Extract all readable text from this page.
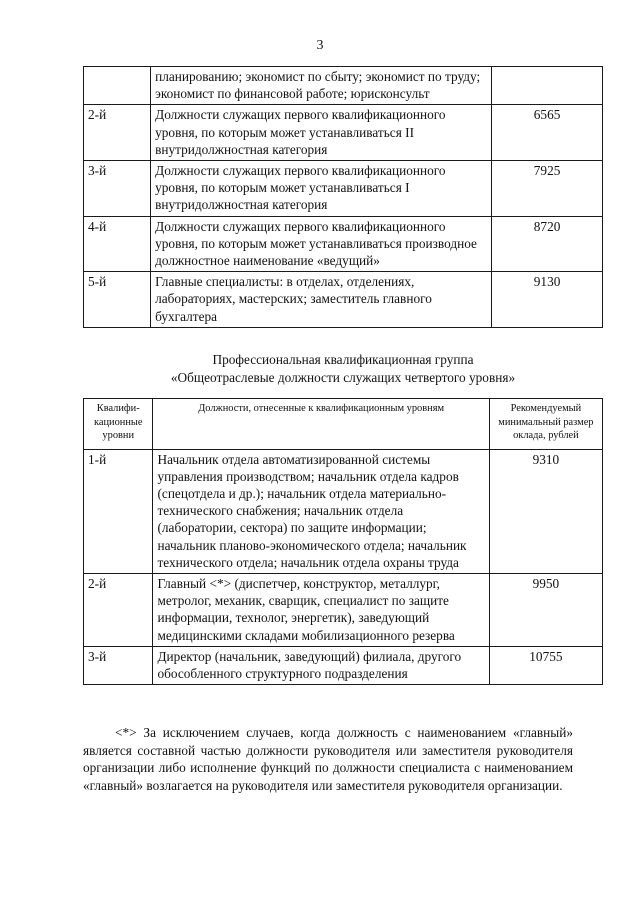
3
	планированию; экономист по сбыту; экономист по труду; экономист по финансовой работе; юрисконсульт	
2-й	Должности служащих первого квалификационного уровня, по которым может устанавливаться II внутридолжностная категория	6565
3-й	Должности служащих первого квалификационного уровня, по которым может устанавливаться I внутридолжностная категория	7925
4-й	Должности служащих первого квалификационного уровня, по которым может устанавливаться производное должностное наименование «ведущий»	8720
5-й	Главные специалисты: в отделах, отделениях, лабораториях, мастерских; заместитель главного бухгалтера	9130
Профессиональная квалификационная группа
«Общеотраслевые должности служащих четвертого уровня»
Квалифи-кационные уровни	Должности, отнесенные к квалификационным уровням	Рекомендуемый минимальный размер оклада, рублей
1-й	Начальник отдела автоматизированной системы управления производством; начальник отдела кадров (спецотдела и др.); начальник отдела материально-технического снабжения; начальник отдела (лаборатории, сектора) по защите информации; начальник планово-экономического отдела; начальник технического отдела; начальник отдела охраны труда	9310
2-й	Главный <*> (диспетчер, конструктор, металлург, метролог, механик, сварщик, специалист по защите информации, технолог, энергетик), заведующий медицинскими складами мобилизационного резерва	9950
3-й	Директор (начальник, заведующий) филиала, другого обособленного структурного подразделения	10755
<*> За исключением случаев, когда должность с наименованием «главный» является составной частью должности руководителя или заместителя руководителя организации либо исполнение функций по должности специалиста с наименованием «главный» возлагается на руководителя или заместителя руководителя организации.
